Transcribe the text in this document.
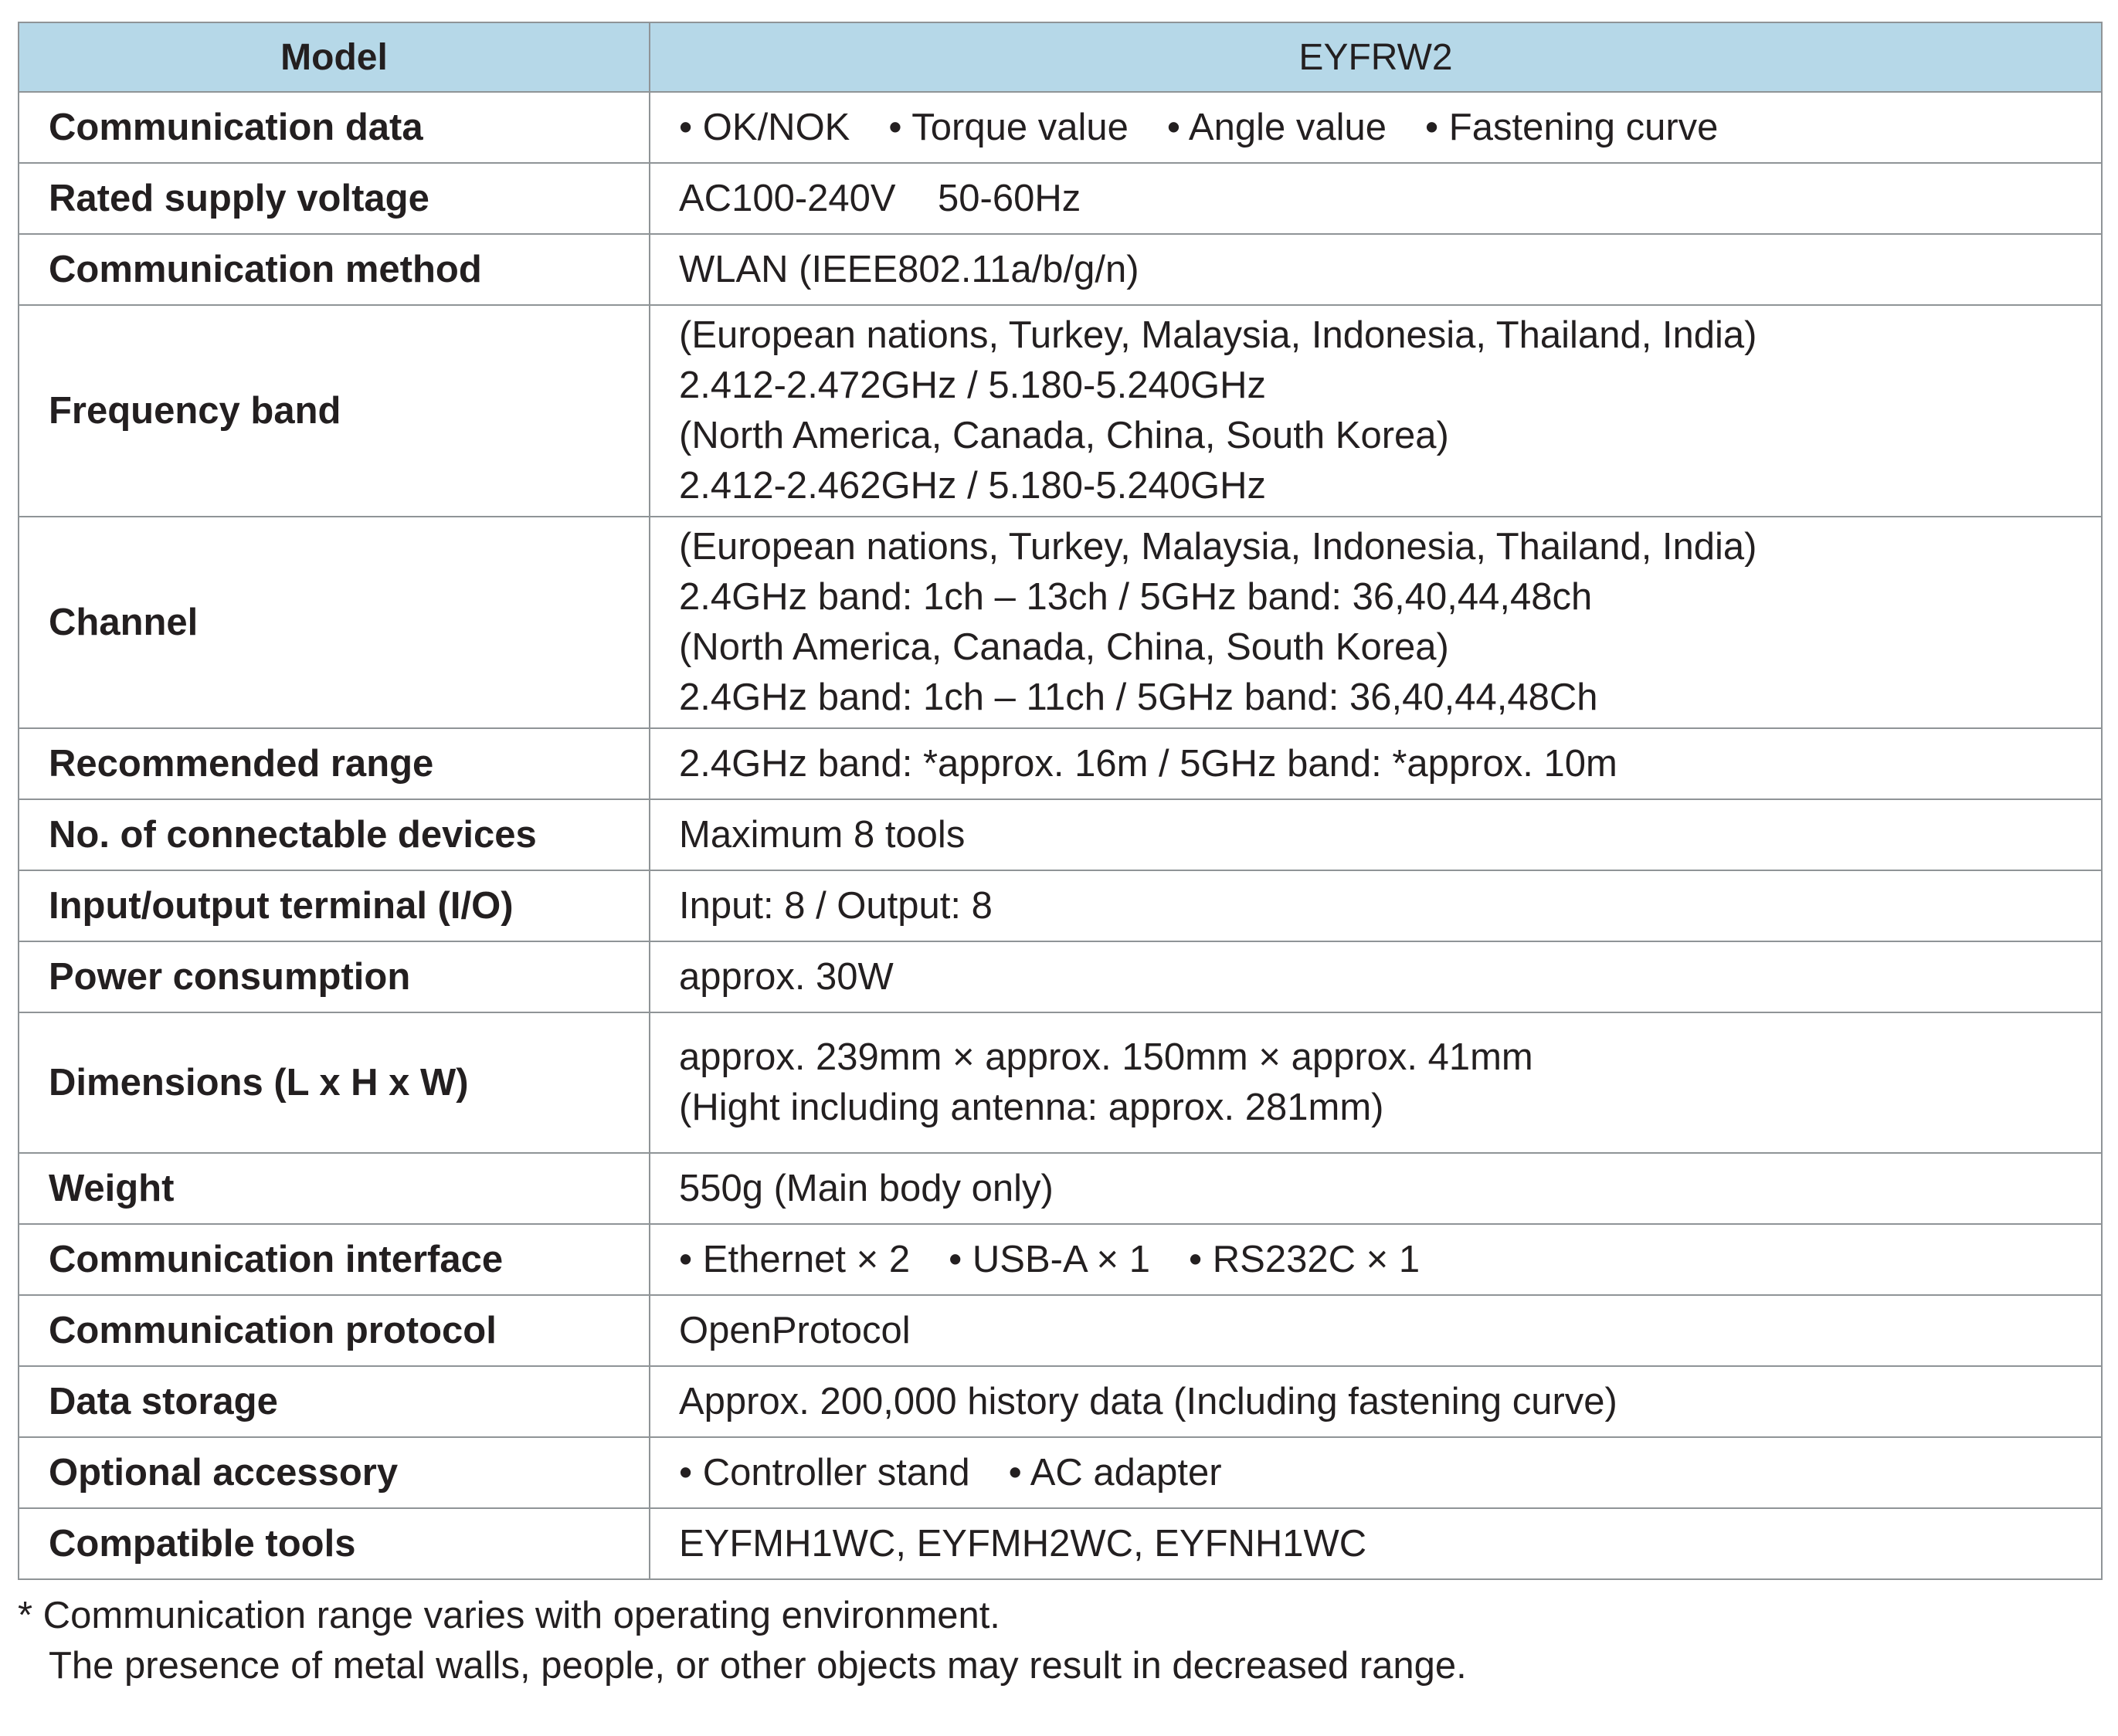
Model	EYFRW2
Communication data	• OK/NOK • Torque value • Angle value • Fastening curve
Rated supply voltage	AC100-240V    50-60Hz
Communication method	WLAN (IEEE802.11a/b/g/n)
Frequency band	(European nations, Turkey, Malaysia, Indonesia, Thailand, India)
2.412-2.472GHz / 5.180-5.240GHz
(North America, Canada, China, South Korea)
2.412-2.462GHz / 5.180-5.240GHz

Channel	(European nations, Turkey, Malaysia, Indonesia, Thailand, India)
2.4GHz band: 1ch – 13ch / 5GHz band: 36,40,44,48ch
(North America, Canada, China, South Korea)
2.4GHz band: 1ch – 11ch / 5GHz band: 36,40,44,48Ch

Recommended range	2.4GHz band: *approx. 16m / 5GHz band: *approx. 10m
No. of connectable devices	Maximum 8 tools
Input/output terminal (I/O)	Input: 8 / Output: 8
Power consumption	approx. 30W
Dimensions (L x H x W)	approx. 239mm × approx. 150mm × approx. 41mm
(Hight including antenna: approx. 281mm)

Weight	550g (Main body only)
Communication interface	• Ethernet × 2 • USB-A × 1 • RS232C × 1
Communication protocol	OpenProtocol
Data storage	Approx. 200,000 history data (Including fastening curve)
Optional accessory	• Controller stand • AC adapter
Compatible tools	EYFMH1WC, EYFMH2WC, EYFNH1WC
* Communication range varies with operating environment.
The presence of metal walls, people, or other objects may result in decreased range.
